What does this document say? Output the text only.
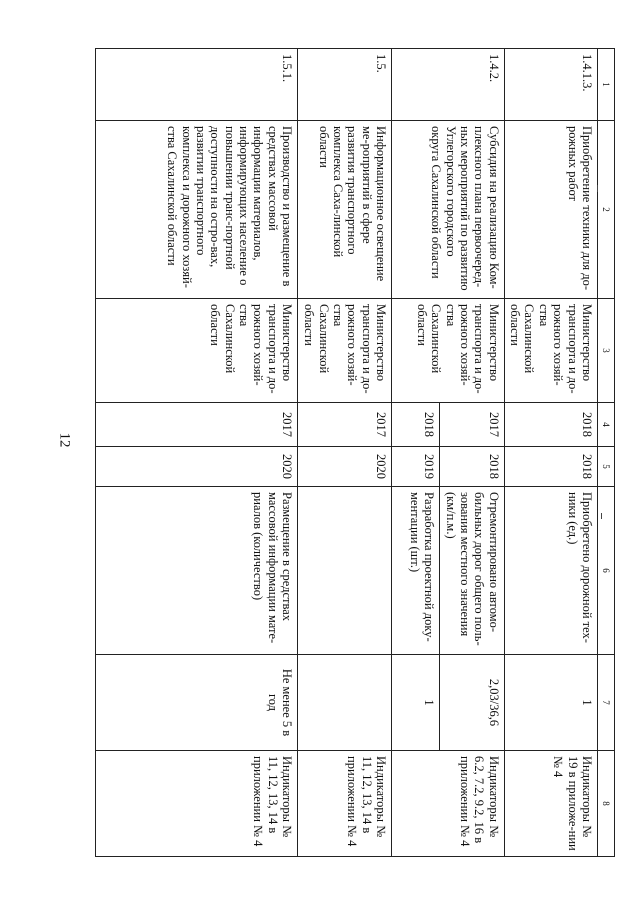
12
1	2	3	4	5	6	7	8
1.4.1.3.	Приобретение техники для до-рожных работ	Министерство транспорта и до-рожного хозяй-ства Сахалинской области	2018	2018	Приобретено дорожной тех-ники (ед.)	1	Индикаторы № 19 в приложе-нии № 4
1.4.2.	Субсидия на реализацию Ком-плексного плана первоочеред-ных мероприятий по развитию Углегорского городского округа Сахалинской области	Министерство транспорта и до-рожного хозяй-ства Сахалинской области	2017	2018	Отремонтировано автомо-бильных дорог общего поль-зования местного значения (км/п.м.)	2,03/36,6	Индикаторы № 6.2, 7.2, 9.2, 16 в приложении № 4
			2018	2019	Разработка проектной доку-ментации (шт.)	1	
1.5.	Информационное освещение ме-роприятий в сфере развития транспортного комплекса Саха-линской области	Министерство транспорта и до-рожного хозяй-ства Сахалинской области	2017	2020			Индикаторы № 11, 12, 13, 14 в приложении № 4
1.5.1.	Производство и размещение в средствах массовой информации материалов, информирующих население о повышении транс-портной доступности на остро-вах, развитии транспортного комплекса и дорожного хозяй-ства Сахалинской области	Министерство транспорта и до-рожного хозяй-ства Сахалинской области	2017	2020	Размещение в средствах массовой информации мате-риалов (количество)	Не менее 5 в год	Индикаторы № 11, 12, 13, 14 в приложении № 4
